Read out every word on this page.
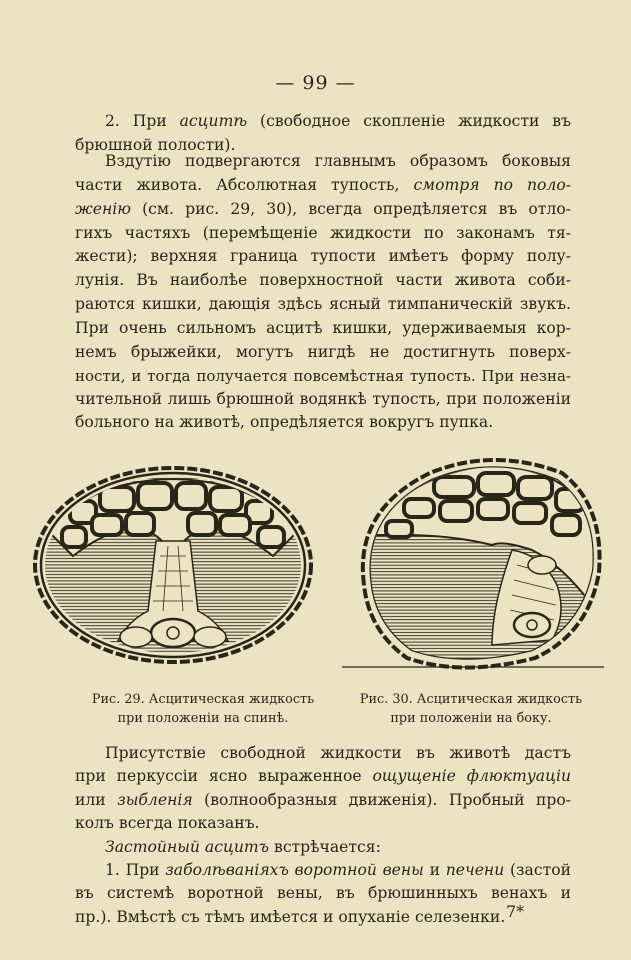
— 99 —
2. При асцитѣ (свободное скопленіе жидкости въ
брюшной полости).
Вздутію подвергаются главнымъ образомъ боковыя
части живота. Абсолютная тупость, смотря по поло-
женію (см. рис. 29, 30), всегда опредѣляется въ отло-
гихъ частяхъ (перемѣщеніе жидкости по законамъ тя-
жести); верхняя граница тупости имѣетъ форму полу-
лунія. Въ наиболѣе поверхностной части живота соби-
раются кишки, дающія здѣсь ясный тимпаническій звукъ.
При очень сильномъ асцитѣ кишки, удерживаемыя кор-
немъ брыжейки, могутъ нигдѣ не достигнуть поверх-
ности, и тогда получается повсемѣстная тупость. При незна-
чительной лишь брюшной водянкѣ тупость, при положеніи
больного на животѣ, опредѣляется вокругъ пупка.
Рис. 29. Асцитическая жидкость
при положеніи на спинѣ.
Рис. 30. Асцитическая жидкость
при положеніи на боку.
Присутствіе свободной жидкости въ животѣ дастъ
при перкуссіи ясно выраженное ощущеніе флюктуаціи
или зыбленія (волнообразныя движенія). Пробный про-
колъ всегда показанъ.
Застойный асцитъ встрѣчается:
1. При заболѣваніяхъ воротной вены и печени (застой
въ системѣ воротной вены, въ брюшинныхъ венахъ и
пр.). Вмѣстѣ съ тѣмъ имѣется и опуханіе селезенки. 7*
